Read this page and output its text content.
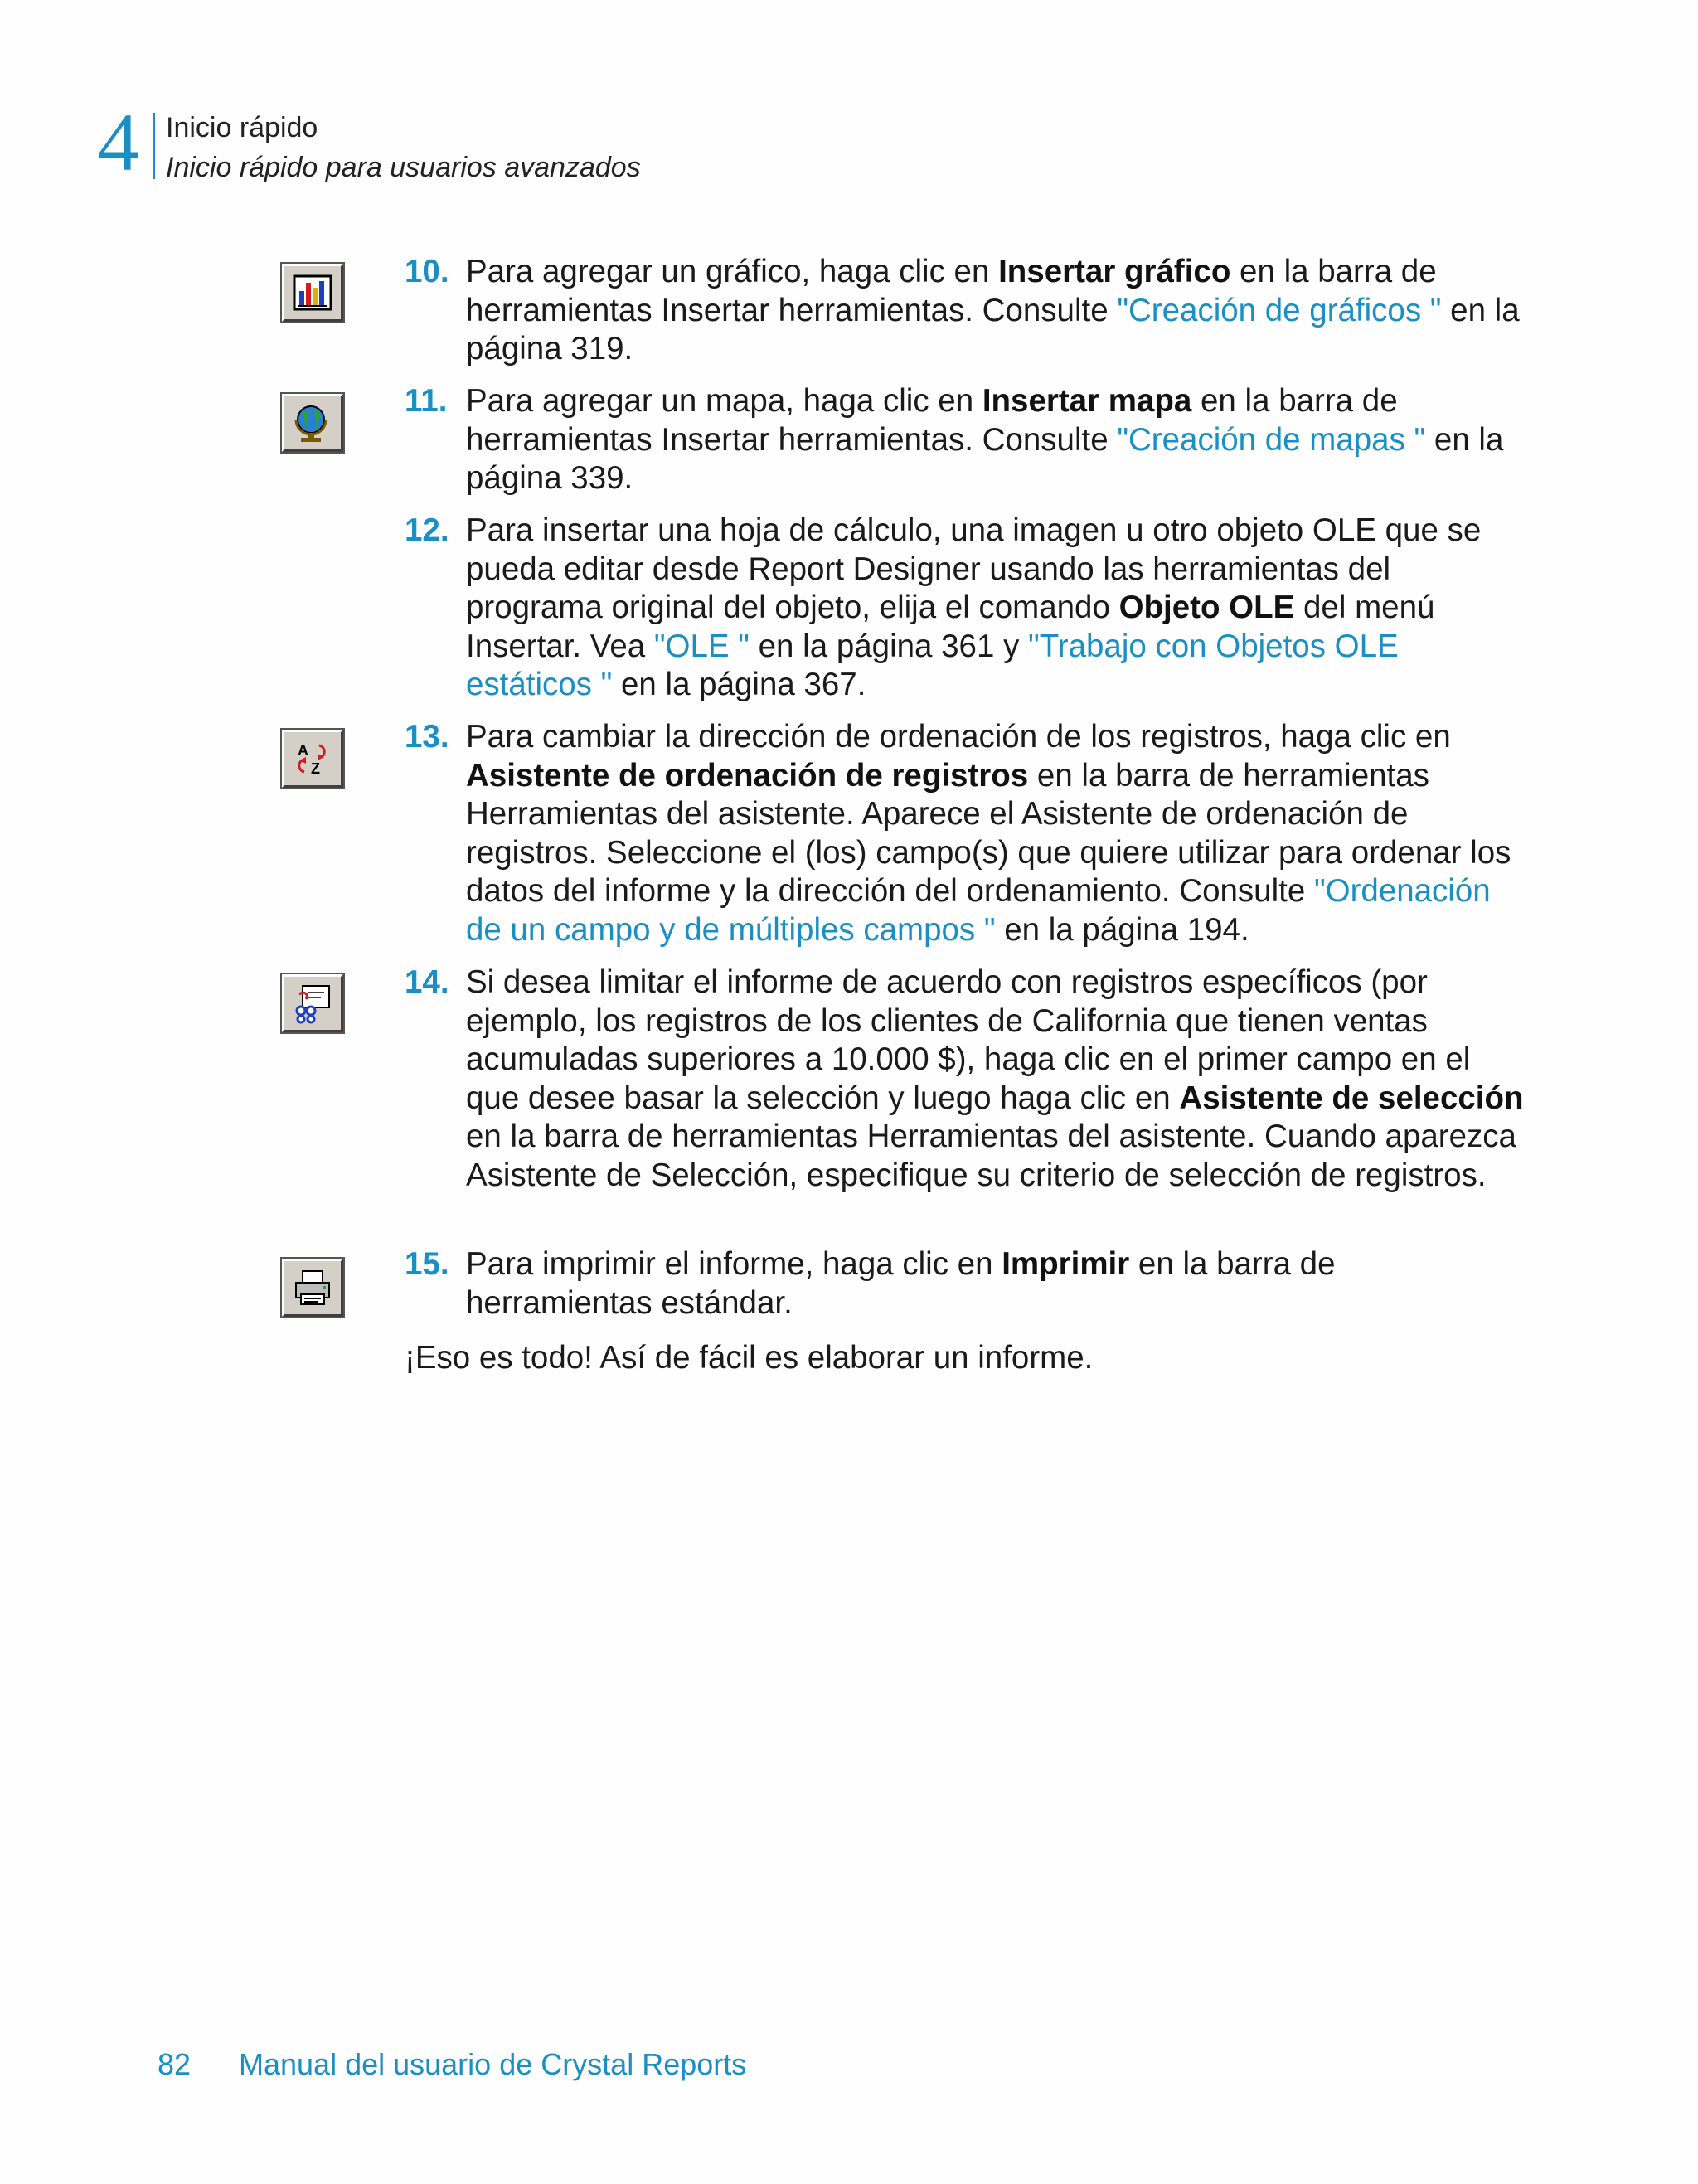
4 Inicio rápido
Inicio rápido para usuarios avanzados
A
Z
10. Para agregar un gráfico, haga clic en Insertar gráfico en la barra de herramientas Insertar herramientas. Consulte "Creación de gráficos " en la página 319.
11. Para agregar un mapa, haga clic en Insertar mapa en la barra de herramientas Insertar herramientas. Consulte "Creación de mapas " en la página 339.
12. Para insertar una hoja de cálculo, una imagen u otro objeto OLE que se pueda editar desde Report Designer usando las herramientas del programa original del objeto, elija el comando Objeto OLE del menú Insertar. Vea "OLE " en la página 361 y "Trabajo con Objetos OLE estáticos " en la página 367.
13. Para cambiar la dirección de ordenación de los registros, haga clic en Asistente de ordenación de registros en la barra de herramientas Herramientas del asistente. Aparece el Asistente de ordenación de registros. Seleccione el (los) campo(s) que quiere utilizar para ordenar los datos del informe y la dirección del ordenamiento. Consulte "Ordenación de un campo y de múltiples campos " en la página 194.
14. Si desea limitar el informe de acuerdo con registros específicos (por ejemplo, los registros de los clientes de California que tienen ventas acumuladas superiores a 10.000 $), haga clic en el primer campo en el que desee basar la selección y luego haga clic en Asistente de selección en la barra de herramientas Herramientas del asistente. Cuando aparezca Asistente de Selección, especifique su criterio de selección de registros.
15. Para imprimir el informe, haga clic en Imprimir en la barra de herramientas estándar.
¡Eso es todo! Así de fácil es elaborar un informe.
82 Manual del usuario de Crystal Reports
